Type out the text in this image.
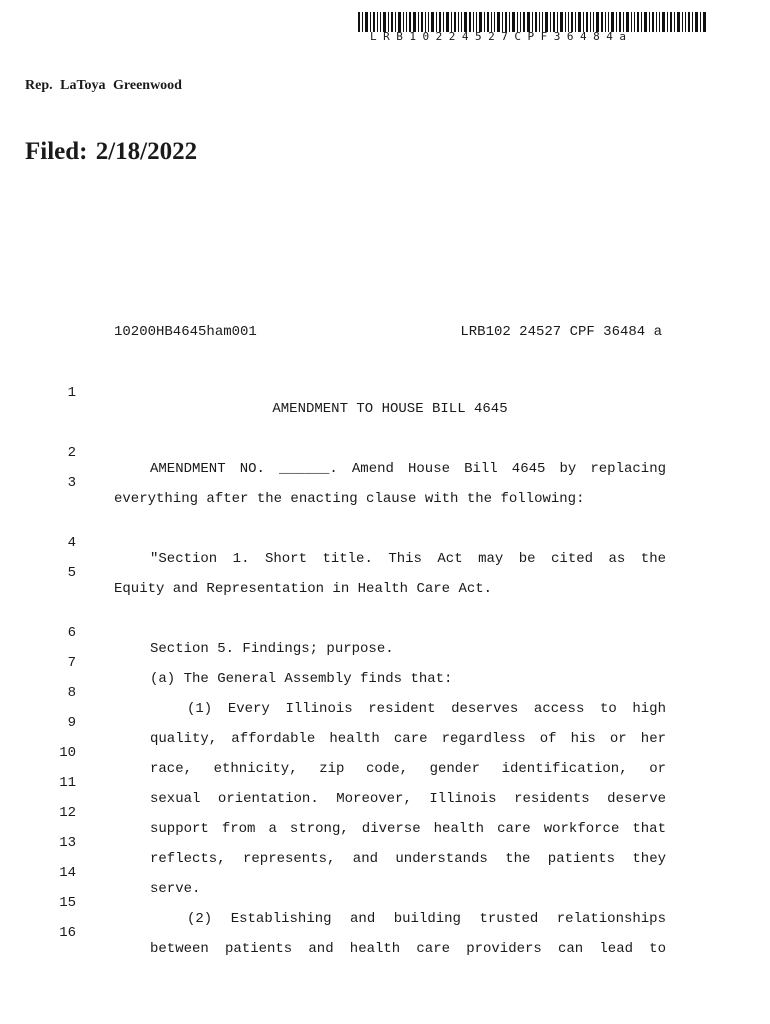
LRB10224527CPF36484a
Rep. LaToya Greenwood
Filed: 2/18/2022
10200HB4645ham001	LRB102 24527 CPF 36484 a

1

AMENDMENT TO HOUSE BILL 4645

2

AMENDMENT NO. ______. Amend House Bill 4645 by replacing

3

everything after the enacting clause with the following:

4

"Section 1. Short title. This Act may be cited as the

5

Equity and Representation in Health Care Act.

6

Section 5. Findings; purpose.

7

(a) The General Assembly finds that:

8

(1) Every Illinois resident deserves access to high

9

quality, affordable health care regardless of his or her

10

race, ethnicity, zip code, gender identification, or

11

sexual orientation. Moreover, Illinois residents deserve

12

support from a strong, diverse health care workforce that

13

reflects, represents, and understands the patients they

14

serve.

15

(2) Establishing and building trusted relationships

16

between patients and health care providers can lead to
